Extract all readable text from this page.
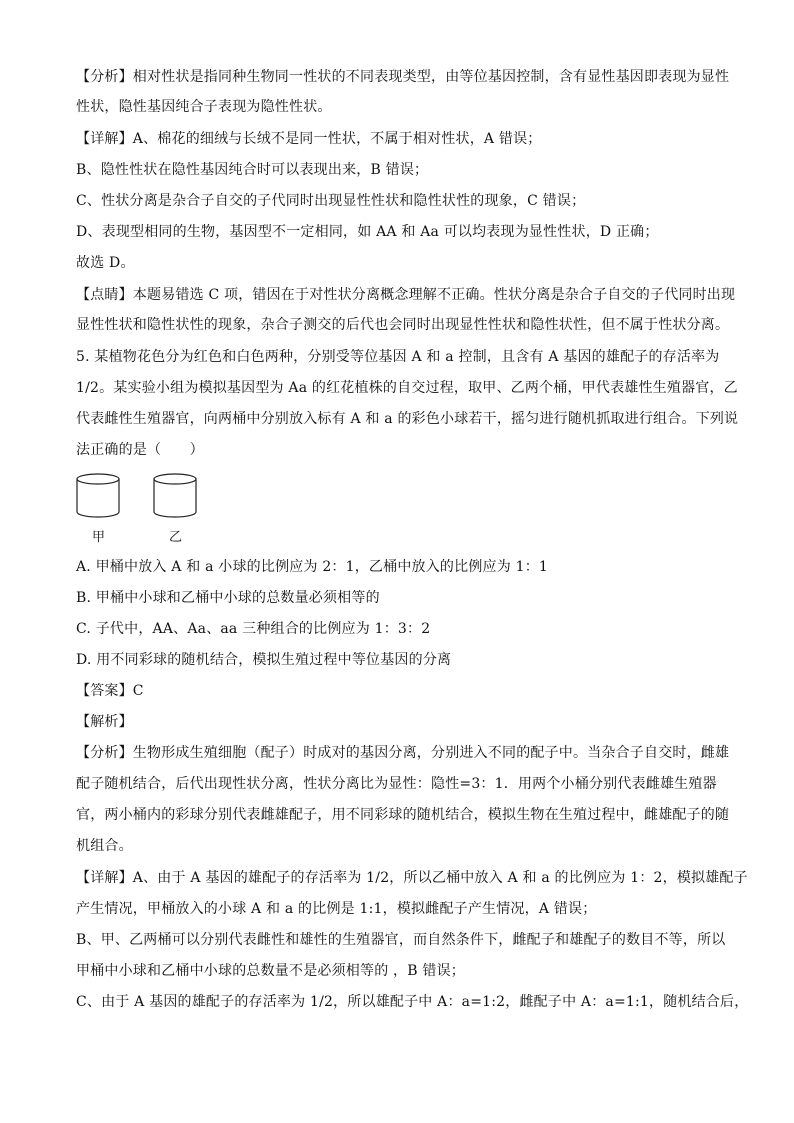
【分析】相对性状是指同种生物同一性状的不同表现类型，由等位基因控制，含有显性基因即表现为显性
性状，隐性基因纯合子表现为隐性性状。
【详解】A、棉花的细绒与长绒不是同一性状，不属于相对性状，A 错误；
B、隐性性状在隐性基因纯合时可以表现出来，B 错误；
C、性状分离是杂合子自交的子代同时出现显性性状和隐性状性的现象，C 错误；
D、表现型相同的生物，基因型不一定相同，如 AA 和 Aa 可以均表现为显性性状，D 正确；
故选 D。
【点睛】本题易错选 C 项，错因在于对性状分离概念理解不正确。性状分离是杂合子自交的子代同时出现
显性性状和隐性状性的现象，杂合子测交的后代也会同时出现显性性状和隐性状性，但不属于性状分离。
5. 某植物花色分为红色和白色两种，分别受等位基因 A 和 a 控制，且含有 A 基因的雄配子的存活率为
1/2。某实验小组为模拟基因型为 Aa 的红花植株的自交过程，取甲、乙两个桶，甲代表雄性生殖器官，乙
代表雌性生殖器官，向两桶中分别放入标有 A 和 a 的彩色小球若干，摇匀进行随机抓取进行组合。下列说
法正确的是（　　）
甲	乙
A. 甲桶中放入 A 和 a 小球的比例应为 2：1，乙桶中放入的比例应为 1：1
B. 甲桶中小球和乙桶中小球的总数量必须相等的
C. 子代中，AA、Aa、aa 三种组合的比例应为 1：3：2
D. 用不同彩球的随机结合，模拟生殖过程中等位基因的分离
【答案】C
【解析】
【分析】生物形成生殖细胞（配子）时成对的基因分离，分别进入不同的配子中。当杂合子自交时，雌雄
配子随机结合，后代出现性状分离，性状分离比为显性：隐性=3：1．用两个小桶分别代表雌雄生殖器
官，两小桶内的彩球分别代表雌雄配子，用不同彩球的随机结合，模拟生物在生殖过程中，雌雄配子的随
机组合。
【详解】A、由于 A 基因的雄配子的存活率为 1/2，所以乙桶中放入 A 和 a 的比例应为 1：2，模拟雄配子
产生情况，甲桶放入的小球 A 和 a 的比例是 1:1，模拟雌配子产生情况，A 错误；
B、甲、乙两桶可以分别代表雌性和雄性的生殖器官，而自然条件下，雌配子和雄配子的数目不等，所以
甲桶中小球和乙桶中小球的总数量不是必须相等的 ，B 错误；
C、由于 A 基因的雄配子的存活率为 1/2，所以雄配子中 A：a=1:2，雌配子中 A：a=1:1，随机结合后，
